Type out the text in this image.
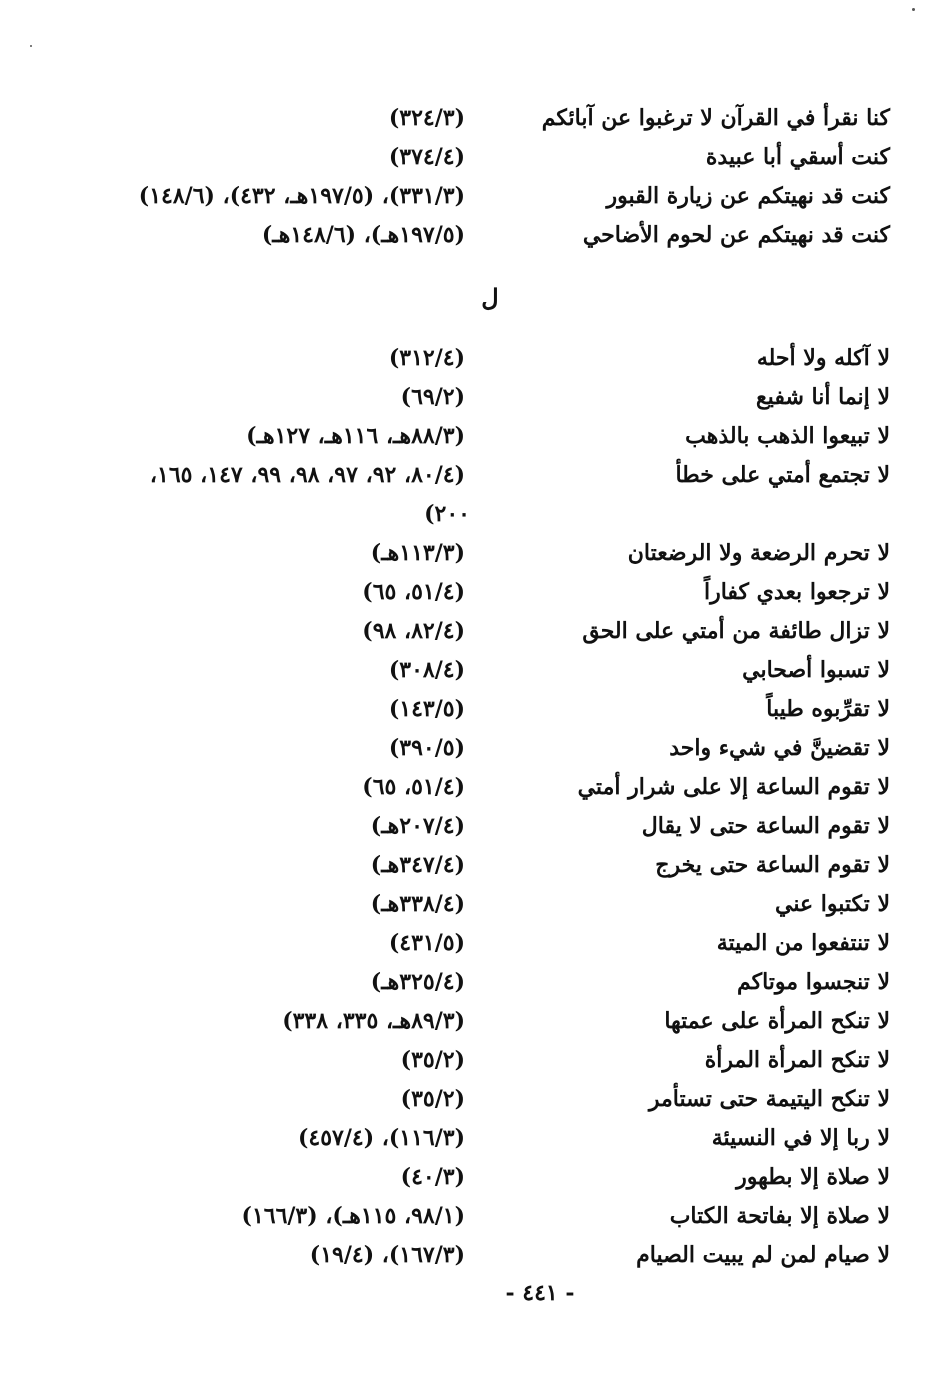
كنا نقرأ في القرآن لا ترغبوا عن آبائكم
(٣٢٤/٣)
كنت أسقي أبا عبيدة
(٣٧٤/٤)
كنت قد نهيتكم عن زيارة القبور
(٣٣١/٣)، (١٩٧/٥هـ، ٤٣٢)، (١٤٨/٦)
كنت قد نهيتكم عن لحوم الأضاحي
(١٩٧/٥هـ)، (١٤٨/٦هـ)
ل
لا آكله ولا أحله
(٣١٢/٤)
لا إنما أنا شفيع
(٦٩/٢)
لا تبيعوا الذهب بالذهب
(٨٨/٣هـ، ١١٦هـ، ١٢٧هـ)
لا تجتمع أمتي على خطأ
(٨٠/٤، ٩٢، ٩٧، ٩٨، ٩٩، ١٤٧، ١٦٥،
٢٠٠)
لا تحرم الرضعة ولا الرضعتان
(١١٣/٣هـ)
لا ترجعوا بعدي كفاراً
(٥١/٤، ٦٥)
لا تزال طائفة من أمتي على الحق
(٨٢/٤، ٩٨)
لا تسبوا أصحابي
(٣٠٨/٤)
لا تقرِّبوه طيباً
(١٤٣/٥)
لا تقضينَّ في شيء واحد
(٣٩٠/٥)
لا تقوم الساعة إلا على شرار أمتي
(٥١/٤، ٦٥)
لا تقوم الساعة حتى لا يقال
(٢٠٧/٤هـ)
لا تقوم الساعة حتى يخرج
(٣٤٧/٤هـ)
لا تكتبوا عني
(٣٣٨/٤هـ)
لا تنتفعوا من الميتة
(٤٣١/٥)
لا تنجسوا موتاكم
(٣٢٥/٤هـ)
لا تنكح المرأة على عمتها
(٨٩/٣هـ، ٣٣٥، ٣٣٨)
لا تنكح المرأة المرأة
(٣٥/٢)
لا تنكح اليتيمة حتى تستأمر
(٣٥/٢)
لا ربا إلا في النسيئة
(١١٦/٣)، (٤٥٧/٤)
لا صلاة إلا بطهور
(٤٠/٣)
لا صلاة إلا بفاتحة الكتاب
(٩٨/١، ١١٥هـ)، (١٦٦/٣)
لا صيام لمن لم يبيت الصيام
(١٦٧/٣)، (١٩/٤)
- ٤٤١ -
